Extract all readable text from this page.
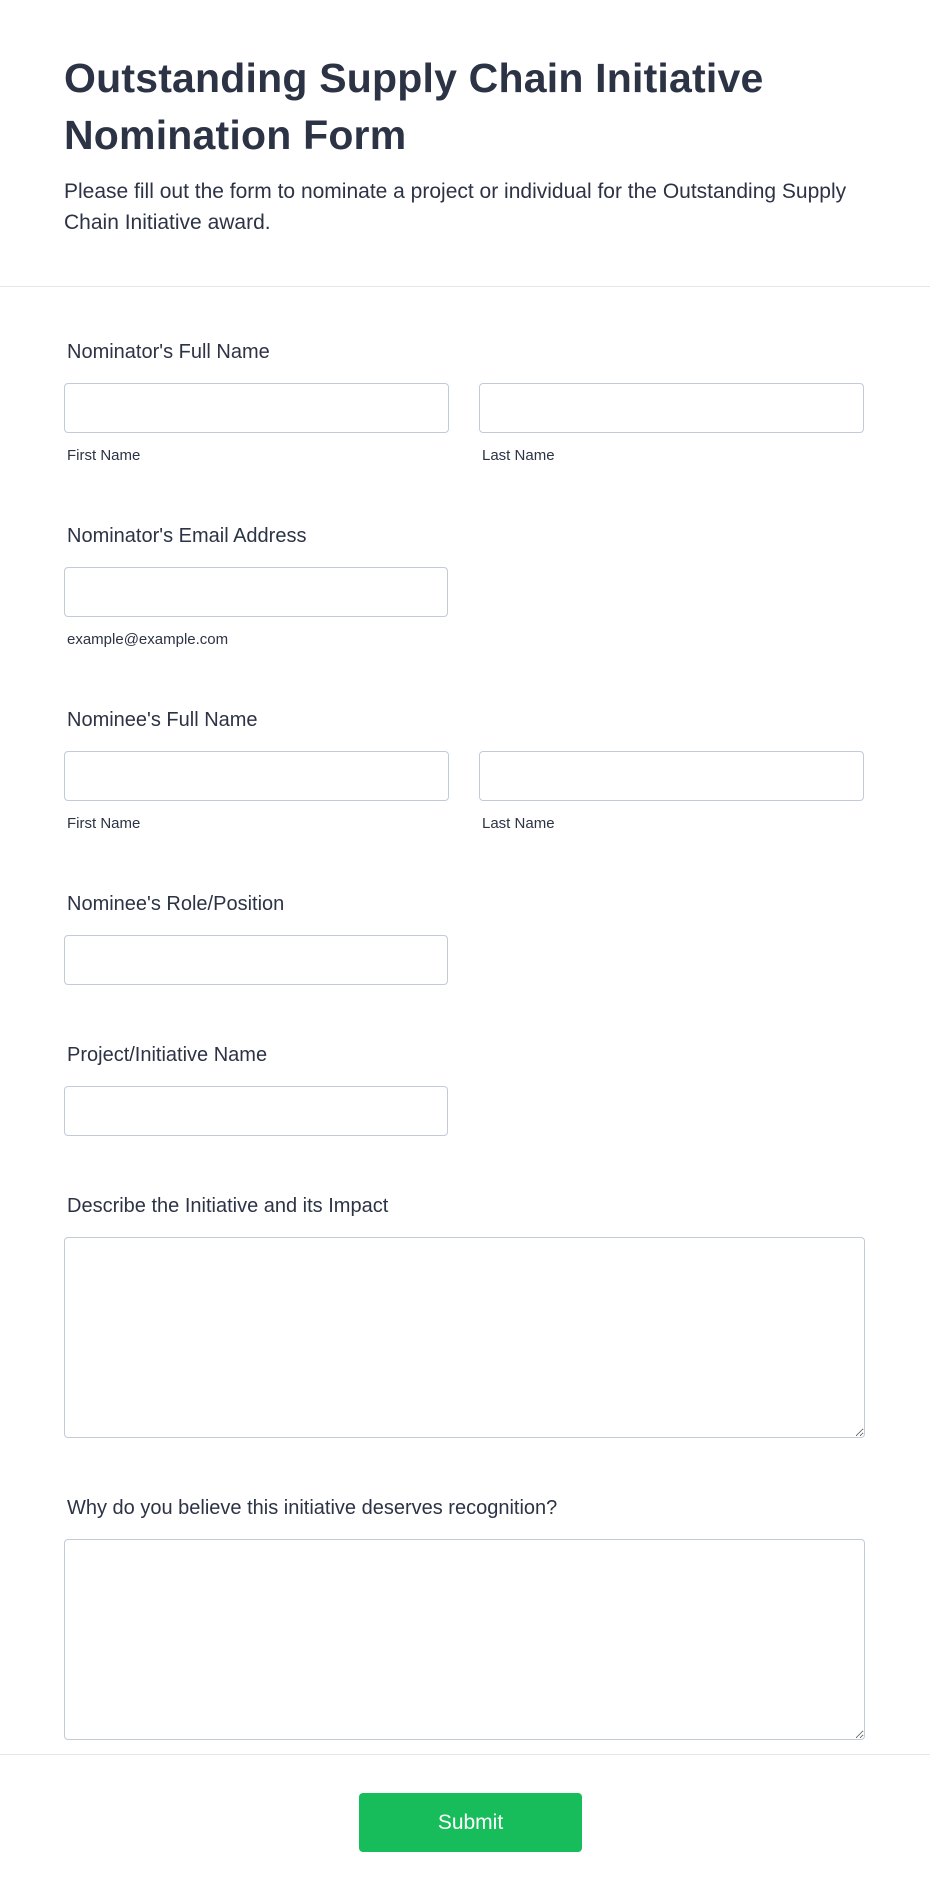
Outstanding Supply Chain Initiative Nomination Form

Please fill out the form to nominate a project or individual for the Outstanding Supply Chain Initiative award.

Nominator's Full Name
First Name	Last Name
Nominator's Email Address
example@example.com
Nominee's Full Name
First Name	Last Name
Nominee's Role/Position
Project/Initiative Name
Describe the Initiative and its Impact
Why do you believe this initiative deserves recognition?
Submit
